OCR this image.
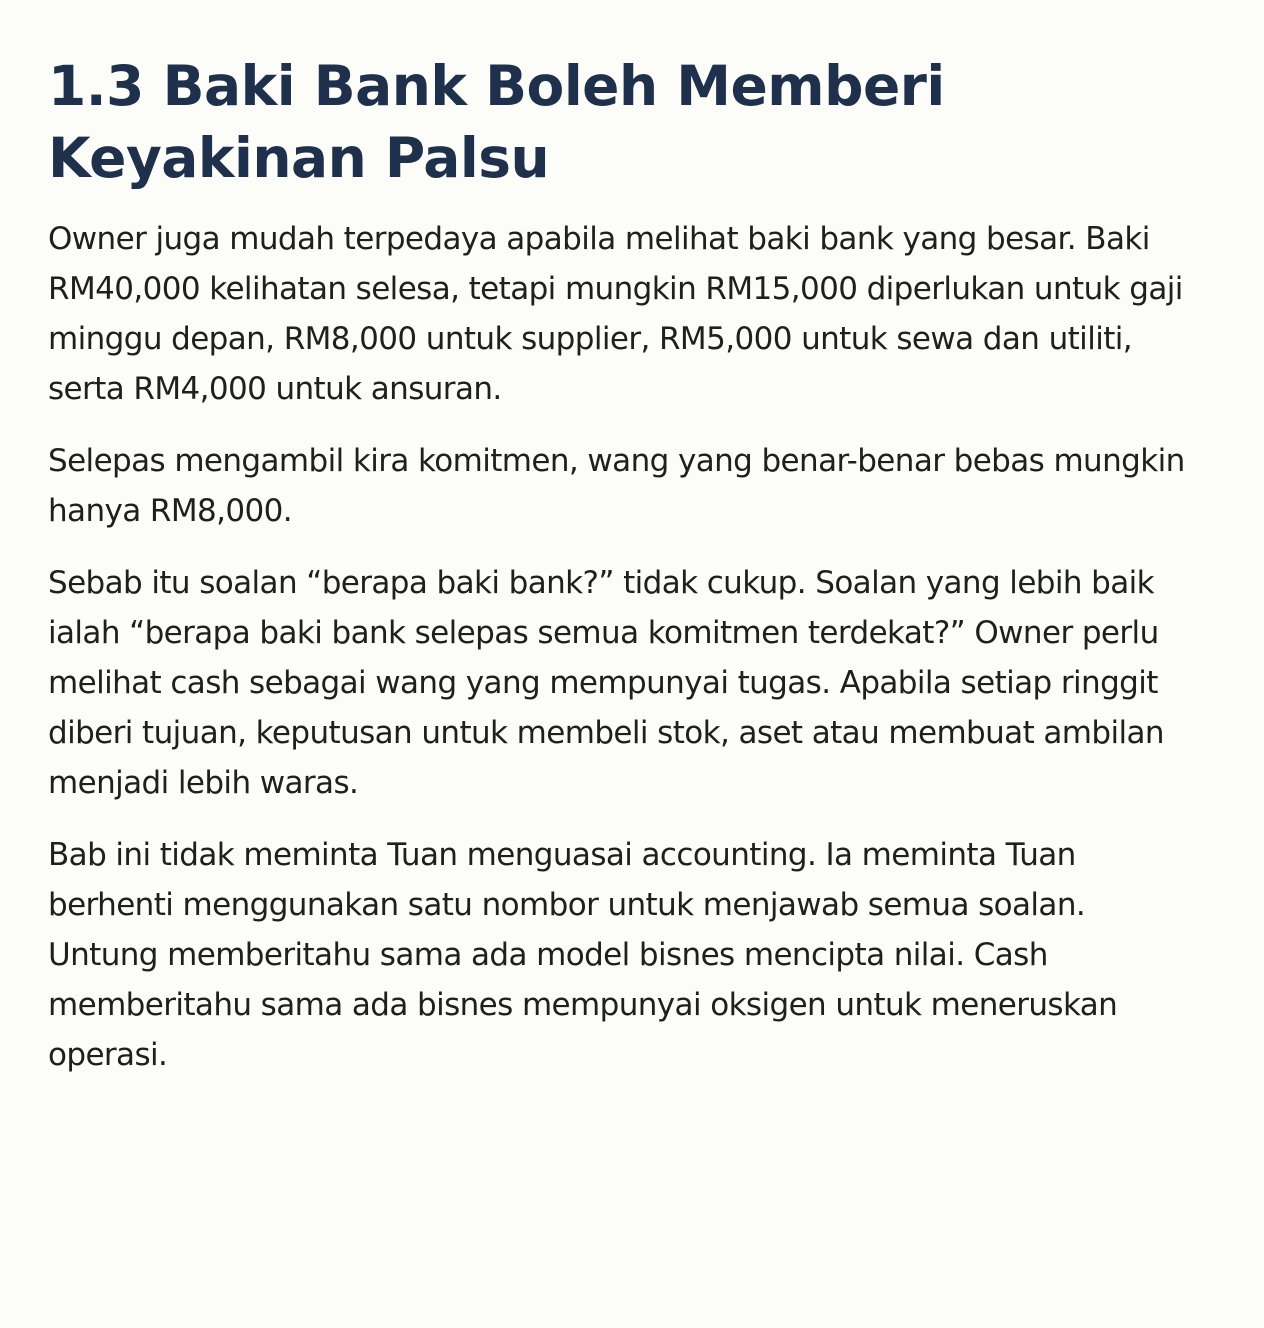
1.3 Baki Bank Boleh Memberi Keyakinan Palsu

Owner juga mudah terpedaya apabila melihat baki bank yang besar. Baki RM40,000 kelihatan selesa, tetapi mungkin RM15,000 diperlukan untuk gaji minggu depan, RM8,000 untuk supplier, RM5,000 untuk sewa dan utiliti, serta RM4,000 untuk ansuran.

Selepas mengambil kira komitmen, wang yang benar-benar bebas mungkin hanya RM8,000.

Sebab itu soalan “berapa baki bank?” tidak cukup. Soalan yang lebih baik ialah “berapa baki bank selepas semua komitmen terdekat?” Owner perlu melihat cash sebagai wang yang mempunyai tugas. Apabila setiap ringgit diberi tujuan, keputusan untuk membeli stok, aset atau membuat ambilan menjadi lebih waras.

Bab ini tidak meminta Tuan menguasai accounting. Ia meminta Tuan berhenti menggunakan satu nombor untuk menjawab semua soalan. Untung memberitahu sama ada model bisnes mencipta nilai. Cash memberitahu sama ada bisnes mempunyai oksigen untuk meneruskan operasi.
